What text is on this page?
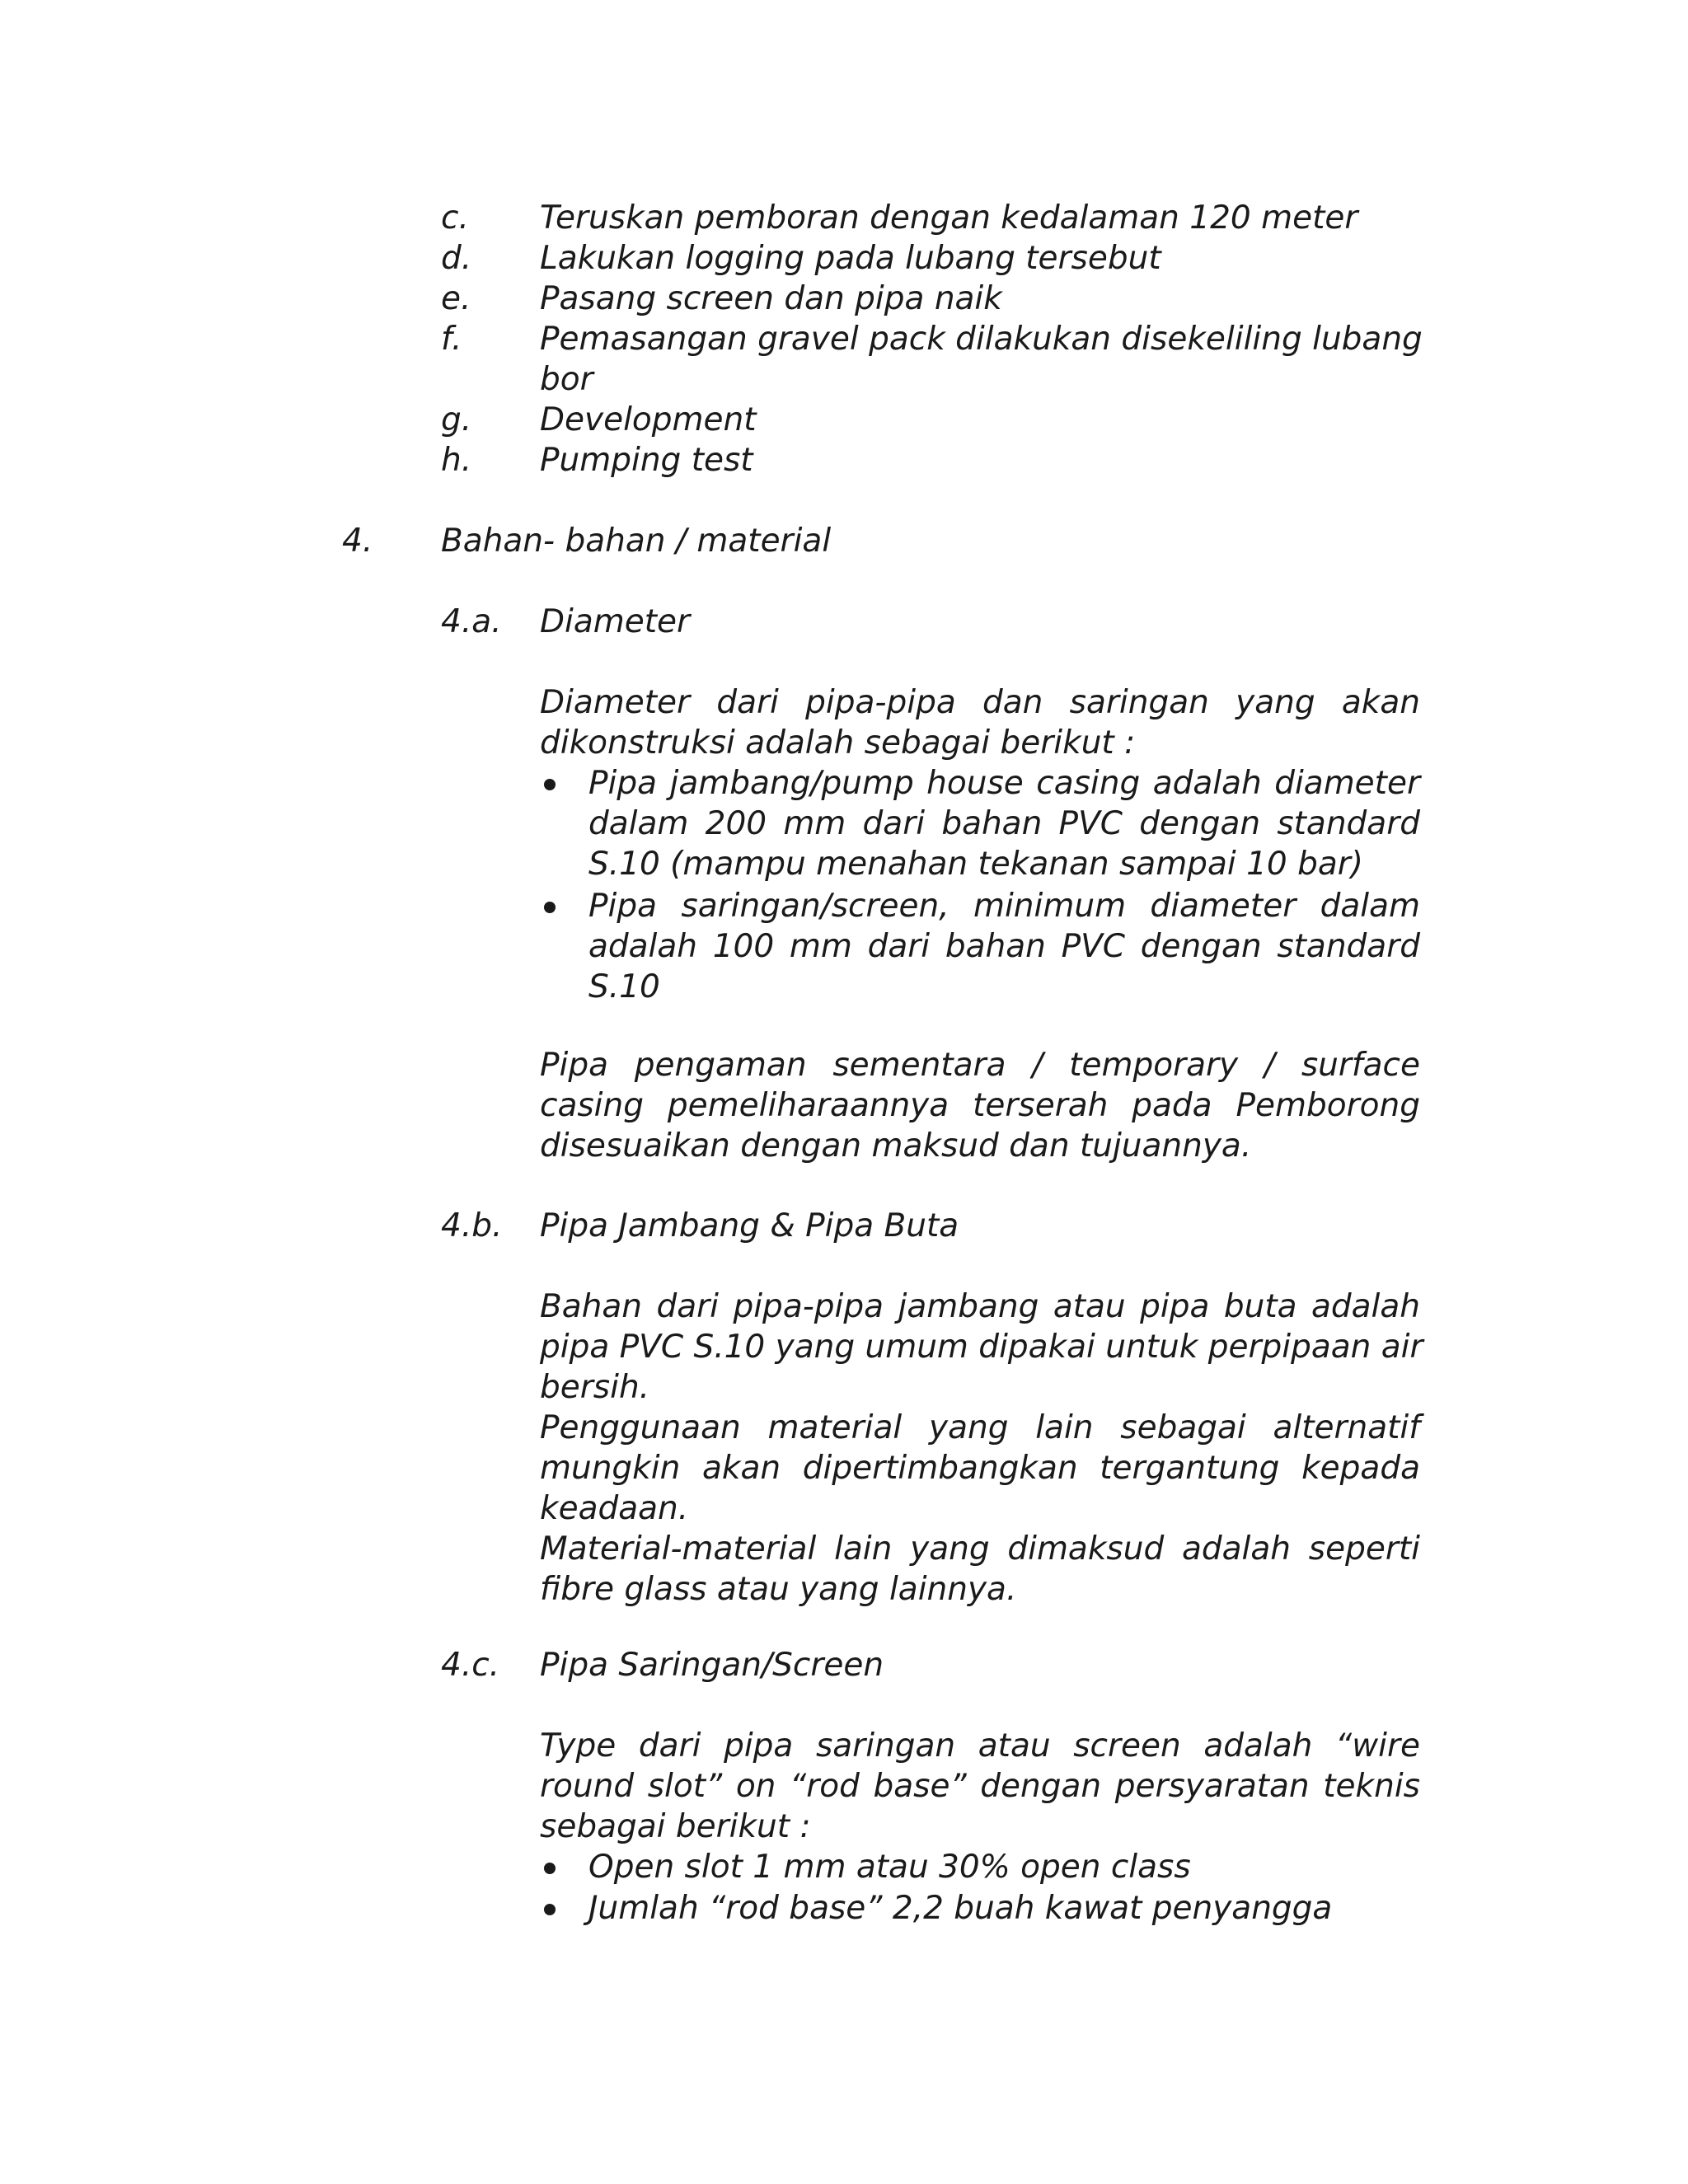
c. Teruskan pemboran dengan kedalaman 120 meter
d. Lakukan logging pada lubang tersebut
e. Pasang screen dan pipa naik
f. Pemasangan gravel pack dilakukan disekeliling lubang
bor
g. Development
h. Pumping test
4. Bahan- bahan / material
4.a. Diameter
Diameter dari pipa-pipa dan saringan yang akan
dikonstruksi adalah sebagai berikut :
Pipa jambang/pump house casing adalah diameter
dalam 200 mm dari bahan PVC dengan standard
S.10 (mampu menahan tekanan sampai 10 bar)
Pipa saringan/screen, minimum diameter dalam
adalah 100 mm dari bahan PVC dengan standard
S.10
Pipa pengaman sementara / temporary / surface
casing pemeliharaannya terserah pada Pemborong
disesuaikan dengan maksud dan tujuannya.
4.b. Pipa Jambang & Pipa Buta
Bahan dari pipa-pipa jambang atau pipa buta adalah
pipa PVC S.10 yang umum dipakai untuk perpipaan air
bersih.
Penggunaan material yang lain sebagai alternatif
mungkin akan dipertimbangkan tergantung kepada
keadaan.
Material-material lain yang dimaksud adalah seperti
fibre glass atau yang lainnya.
4.c. Pipa Saringan/Screen
Type dari pipa saringan atau screen adalah “wire
round slot” on “rod base” dengan persyaratan teknis
sebagai berikut :
Open slot 1 mm atau 30% open class
Jumlah “rod base” 2,2 buah kawat penyangga
